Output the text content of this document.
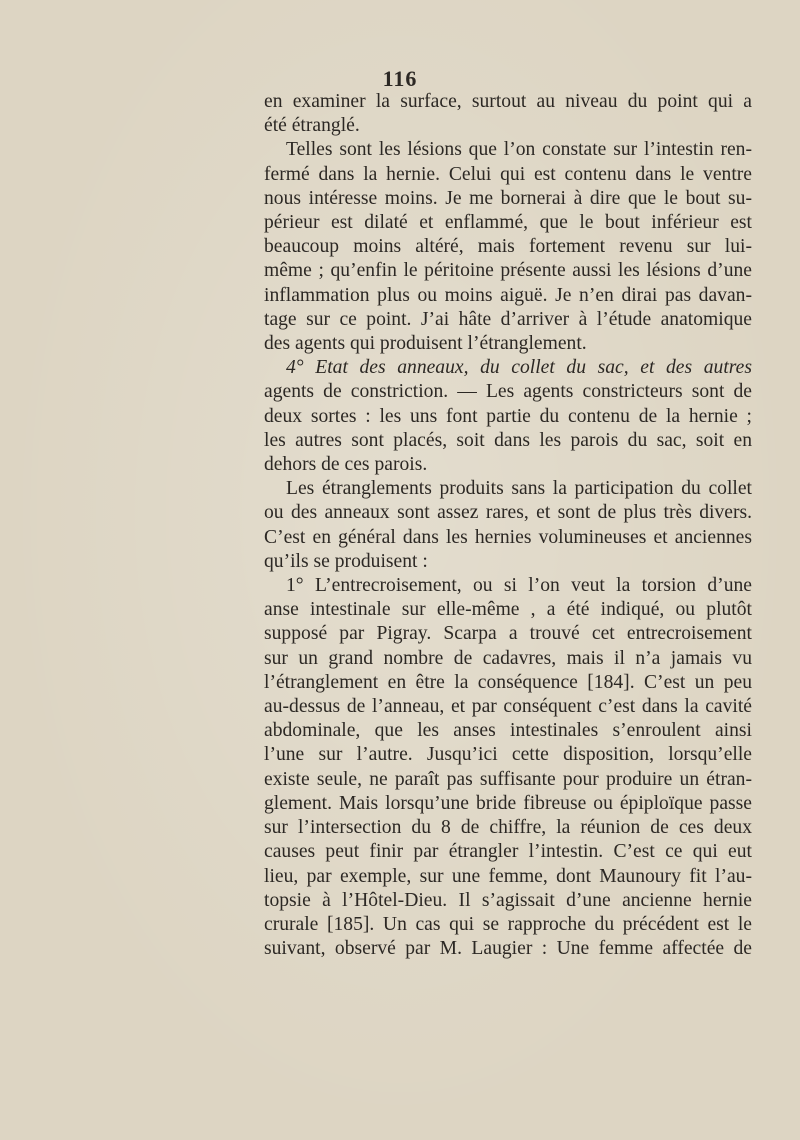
116

en examiner la surface, surtout au niveau du point qui a

été étranglé.

Telles sont les lésions que l’on constate sur l’intestin ren-

fermé dans la hernie. Celui qui est contenu dans le ventre

nous intéresse moins. Je me bornerai à dire que le bout su-

périeur est dilaté et enflammé, que le bout inférieur est

beaucoup moins altéré, mais fortement revenu sur lui-

même ; qu’enfin le péritoine présente aussi les lésions d’une

inflammation plus ou moins aiguë. Je n’en dirai pas davan-

tage sur ce point. J’ai hâte d’arriver à l’étude anatomique

des agents qui produisent l’étranglement.

4° Etat des anneaux, du collet du sac, et des autres

agents de constriction. — Les agents constricteurs sont de

deux sortes : les uns font partie du contenu de la hernie ;

les autres sont placés, soit dans les parois du sac, soit en

dehors de ces parois.

Les étranglements produits sans la participation du collet

ou des anneaux sont assez rares, et sont de plus très divers.

C’est en général dans les hernies volumineuses et anciennes

qu’ils se produisent :

1° L’entrecroisement, ou si l’on veut la torsion d’une

anse intestinale sur elle-même , a été indiqué, ou plutôt

supposé par Pigray. Scarpa a trouvé cet entrecroisement

sur un grand nombre de cadavres, mais il n’a jamais vu

l’étranglement en être la conséquence [184]. C’est un peu

au-dessus de l’anneau, et par conséquent c’est dans la cavité

abdominale, que les anses intestinales s’enroulent ainsi

l’une sur l’autre. Jusqu’ici cette disposition, lorsqu’elle

existe seule, ne paraît pas suffisante pour produire un étran-

glement. Mais lorsqu’une bride fibreuse ou épiploïque passe

sur l’intersection du 8 de chiffre, la réunion de ces deux

causes peut finir par étrangler l’intestin. C’est ce qui eut

lieu, par exemple, sur une femme, dont Maunoury fit l’au-

topsie à l’Hôtel-Dieu. Il s’agissait d’une ancienne hernie

crurale [185]. Un cas qui se rapproche du précédent est le

suivant, observé par M. Laugier : Une femme affectée de
